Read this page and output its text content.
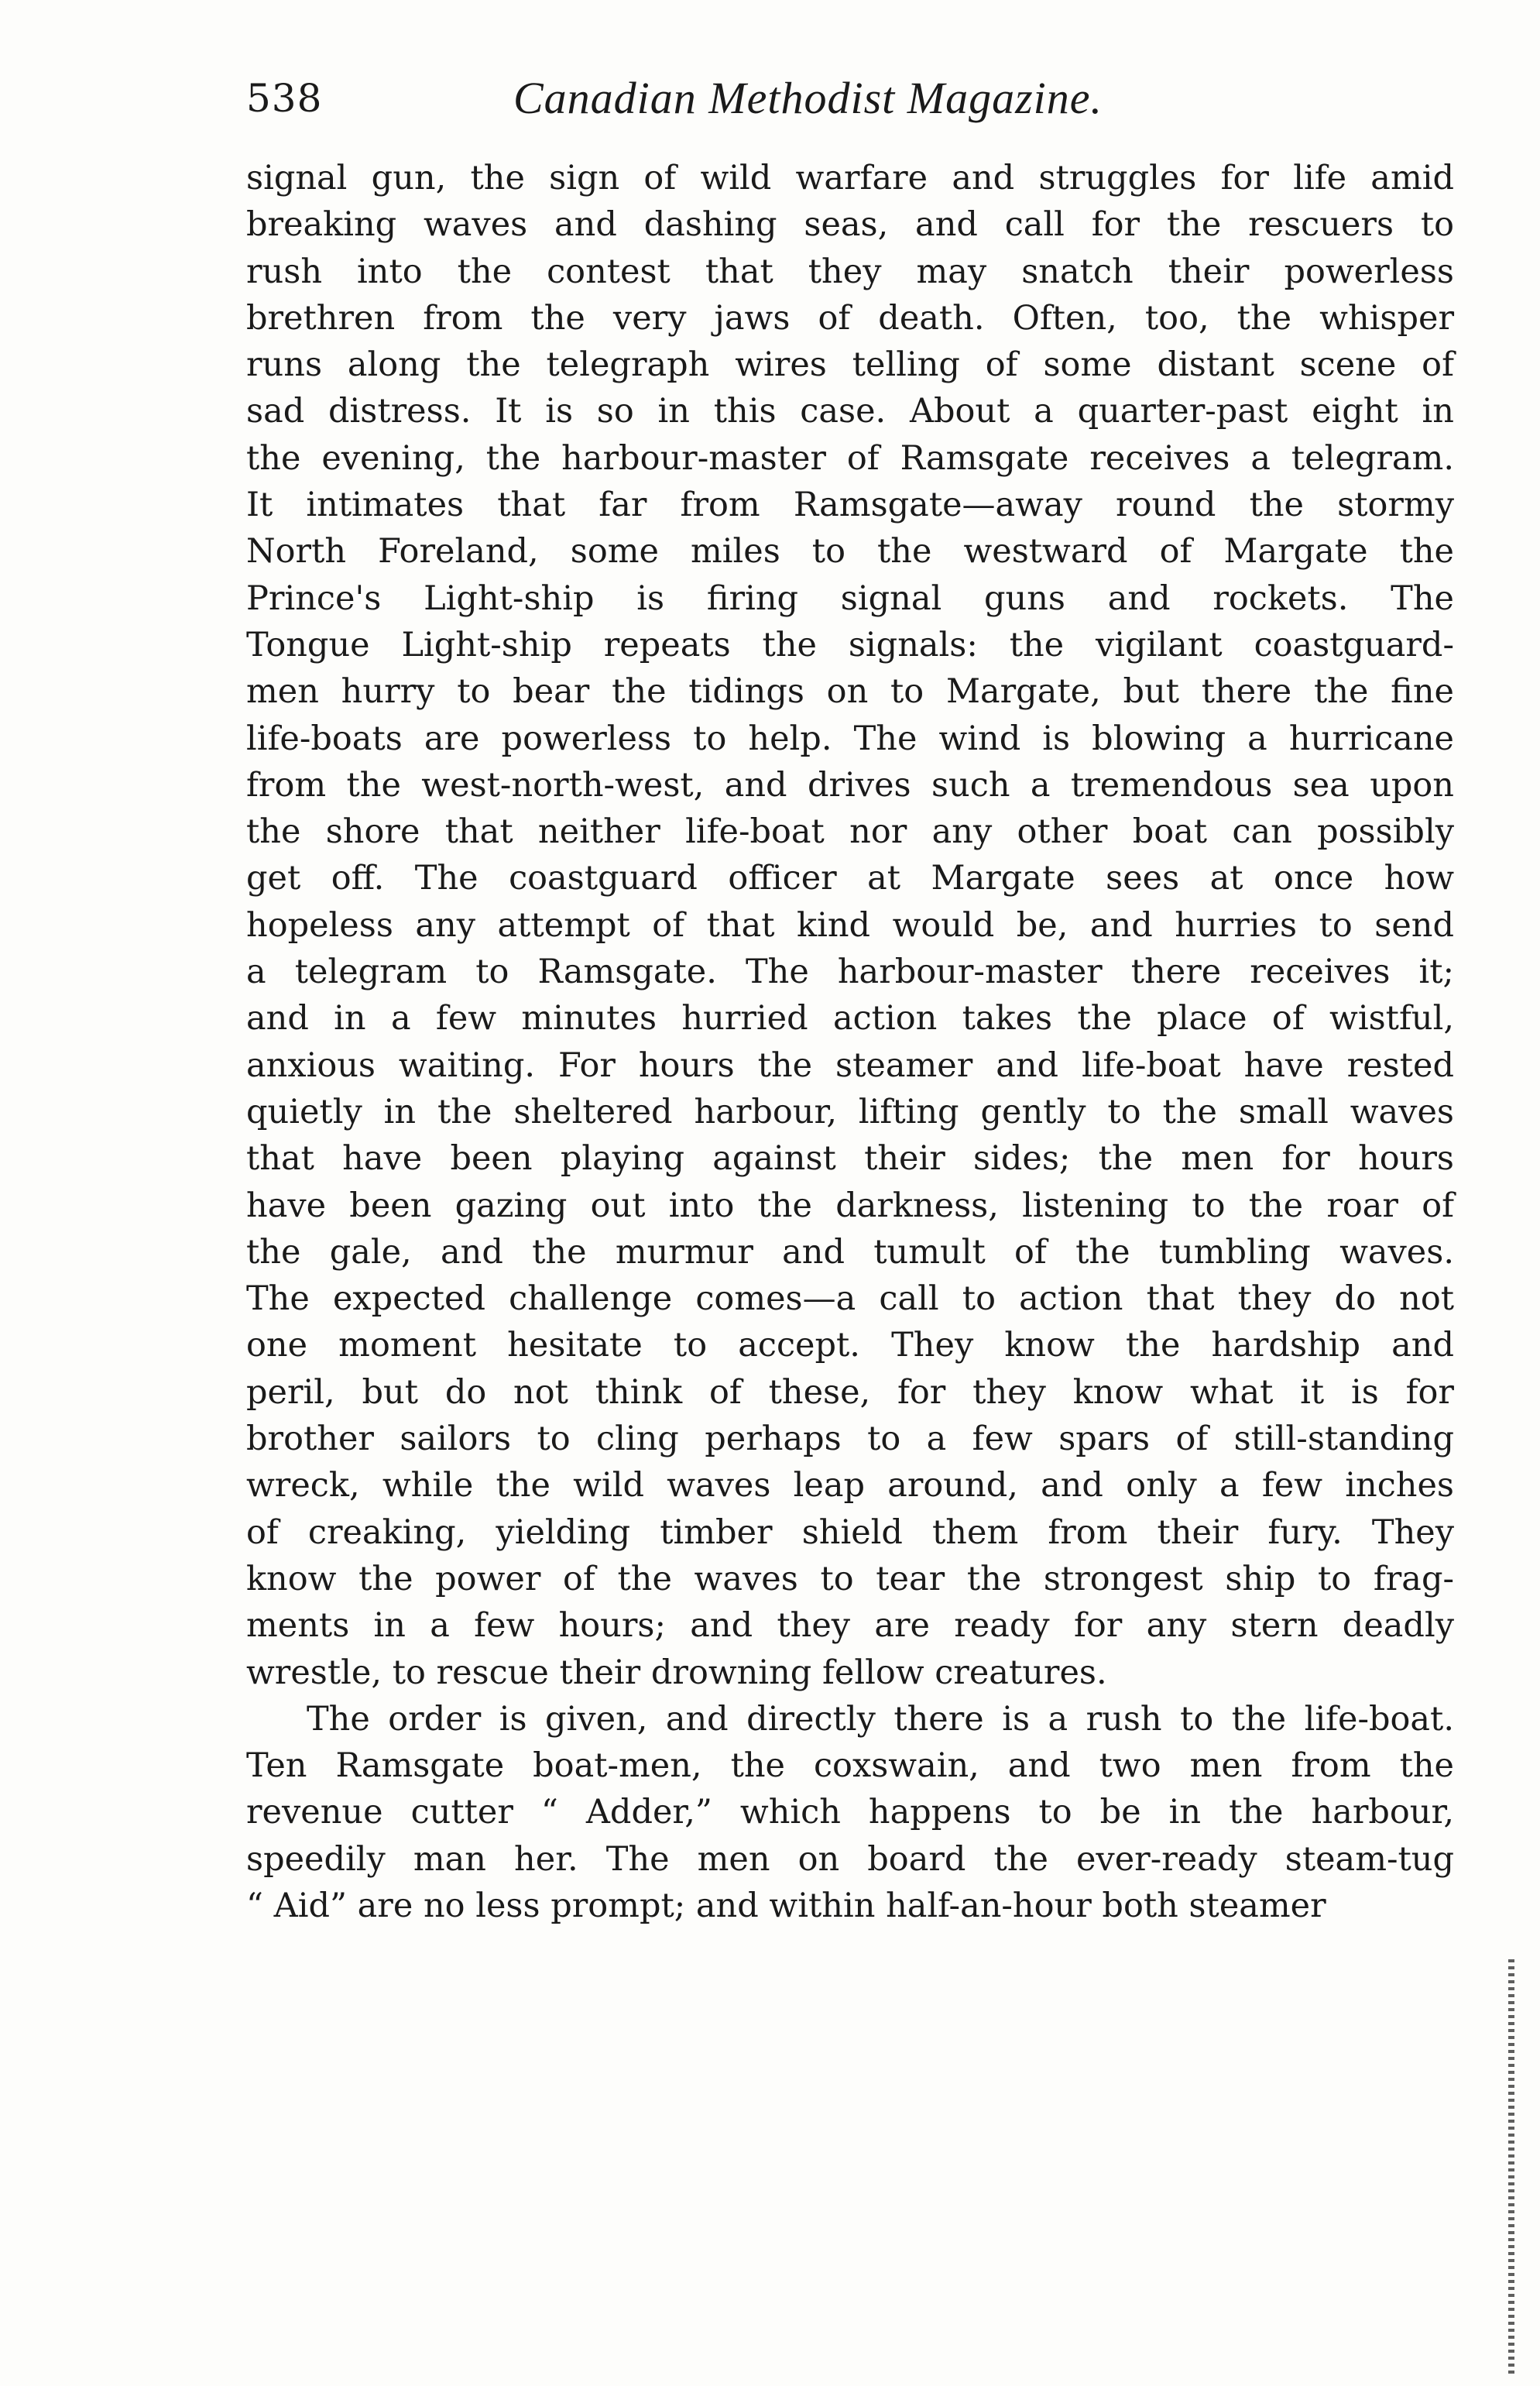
538	Canadian Methodist Magazine.
signal gun, the sign of wild warfare and struggles for life amid
breaking waves and dashing seas, and call for the rescuers to
rush into the contest that they may snatch their powerless
brethren from the very jaws of death. Often, too, the whisper
runs along the telegraph wires telling of some distant scene of
sad distress. It is so in this case. About a quarter-past eight in
the evening, the harbour-master of Ramsgate receives a telegram.
It intimates that far from Ramsgate—away round the stormy
North Foreland, some miles to the westward of Margate the
Prince's Light-ship is firing signal guns and rockets. The
Tongue Light-ship repeats the signals: the vigilant coastguard-
men hurry to bear the tidings on to Margate, but there the fine
life-boats are powerless to help. The wind is blowing a hurricane
from the west-north-west, and drives such a tremendous sea upon
the shore that neither life-boat nor any other boat can possibly
get off. The coastguard officer at Margate sees at once how
hopeless any attempt of that kind would be, and hurries to send
a telegram to Ramsgate. The harbour-master there receives it;
and in a few minutes hurried action takes the place of wistful,
anxious waiting. For hours the steamer and life-boat have rested
quietly in the sheltered harbour, lifting gently to the small waves
that have been playing against their sides; the men for hours
have been gazing out into the darkness, listening to the roar of
the gale, and the murmur and tumult of the tumbling waves.
The expected challenge comes—a call to action that they do not
one moment hesitate to accept. They know the hardship and
peril, but do not think of these, for they know what it is for
brother sailors to cling perhaps to a few spars of still-standing
wreck, while the wild waves leap around, and only a few inches
of creaking, yielding timber shield them from their fury. They
know the power of the waves to tear the strongest ship to frag-
ments in a few hours; and they are ready for any stern deadly
wrestle, to rescue their drowning fellow creatures.
The order is given, and directly there is a rush to the life-boat.
Ten Ramsgate boat-men, the coxswain, and two men from the
revenue cutter “ Adder,” which happens to be in the harbour,
speedily man her. The men on board the ever-ready steam-tug
“ Aid” are no less prompt; and within half-an-hour both steamer
